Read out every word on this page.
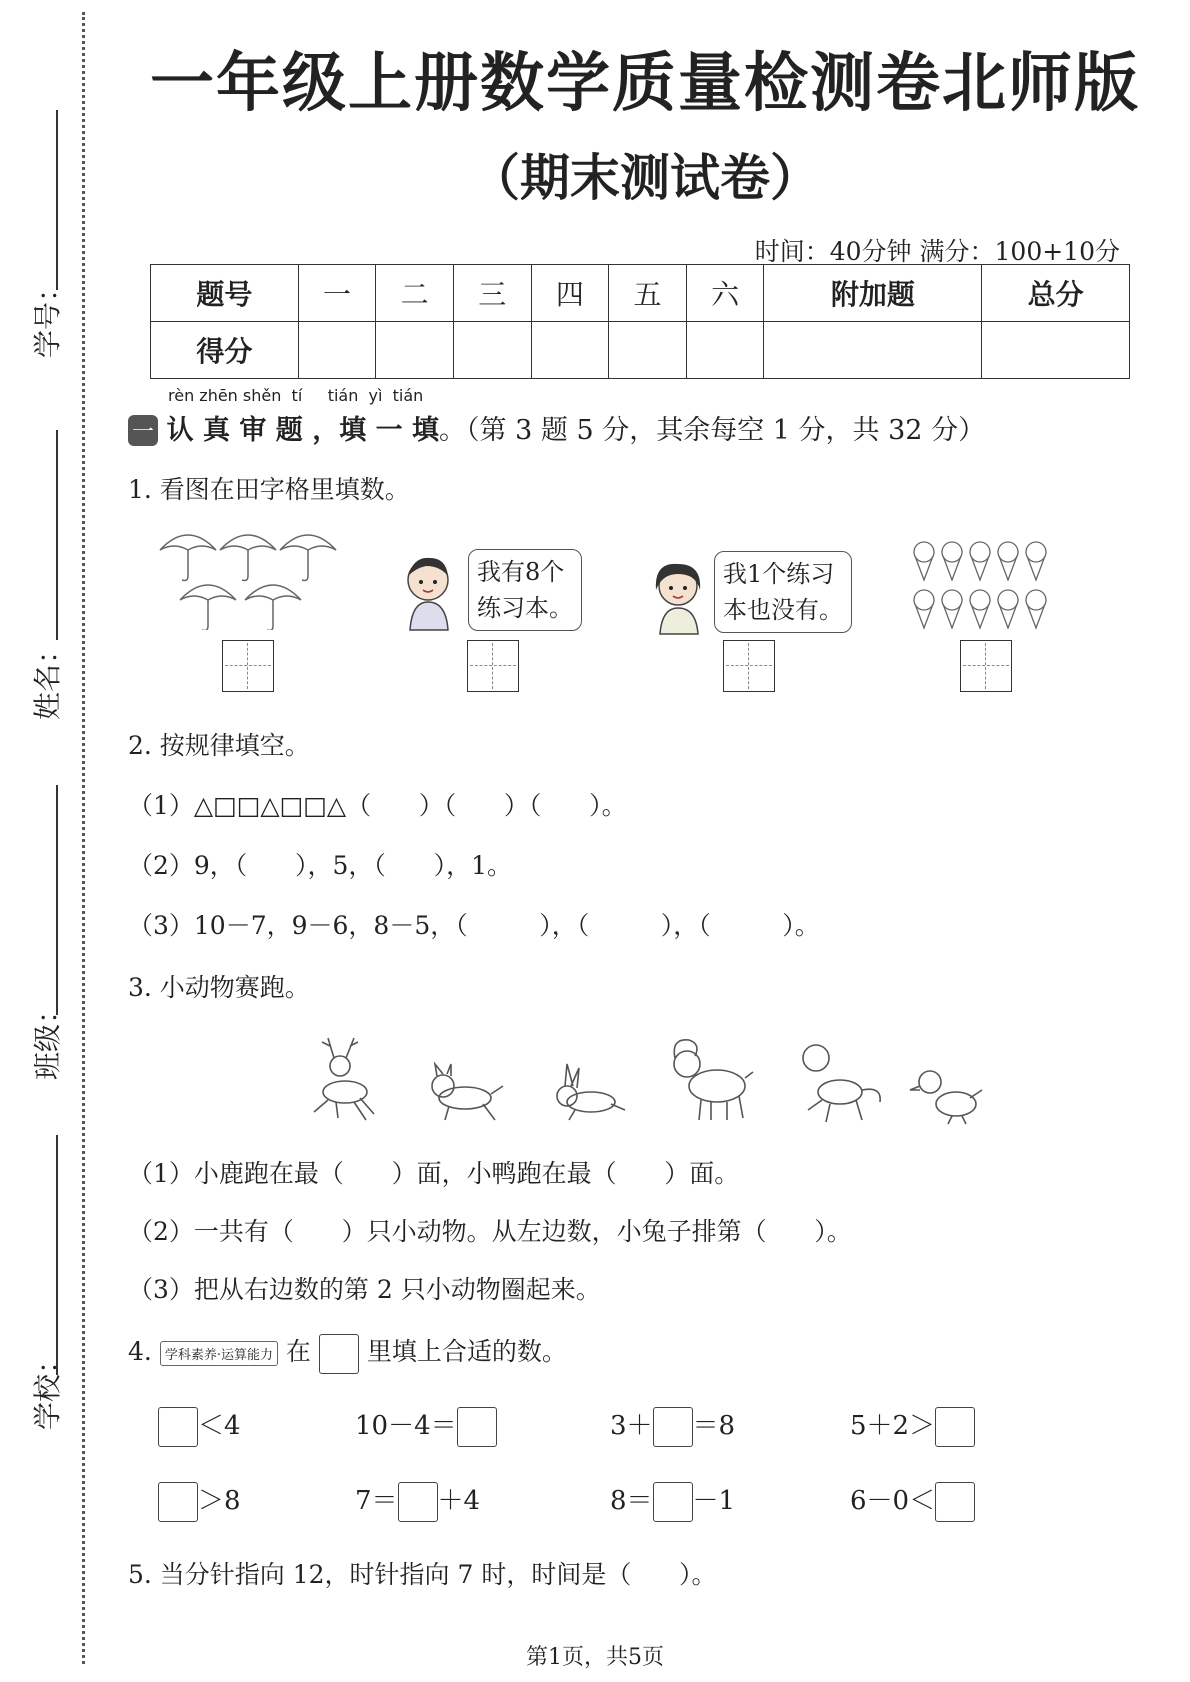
学号：
姓名：
班级：
学校：
一年级上册数学质量检测卷北师版
（期末测试卷）
时间：40分钟 满分：100+10分
题号	一	二	三	四	五	六	附加题	总分
得分								
rèn zhēn shěn  tí     tián  yì  tián
一 认 真 审 题 ，填 一 填。（第 3 题 5 分，其余每空 1 分，共 32 分）
1. 看图在田字格里填数。
我有8个
练习本。
我1个练习
本也没有。
2. 按规律填空。
（1）△□□△□□△（      ）（      ）（      ）。
（2）9，（      ），5，（      ），1。
（3）10－7，9－6，8－5，（         ），（         ），（         ）。
3. 小动物赛跑。
（1）小鹿跑在最（      ）面，小鸭跑在最（      ）面。
（2）一共有（      ）只小动物。从左边数，小兔子排第（      ）。
（3）把从右边数的第 2 只小动物圈起来。
4. 学科素养·运算能力 在 里填上合适的数。
＜4	10－4＝	3＋ ＝8	5＋2＞
＞8	7＝ ＋4	8＝ －1	6－0＜
5. 当分针指向 12，时针指向 7 时，时间是（      ）。
第1页，共5页
